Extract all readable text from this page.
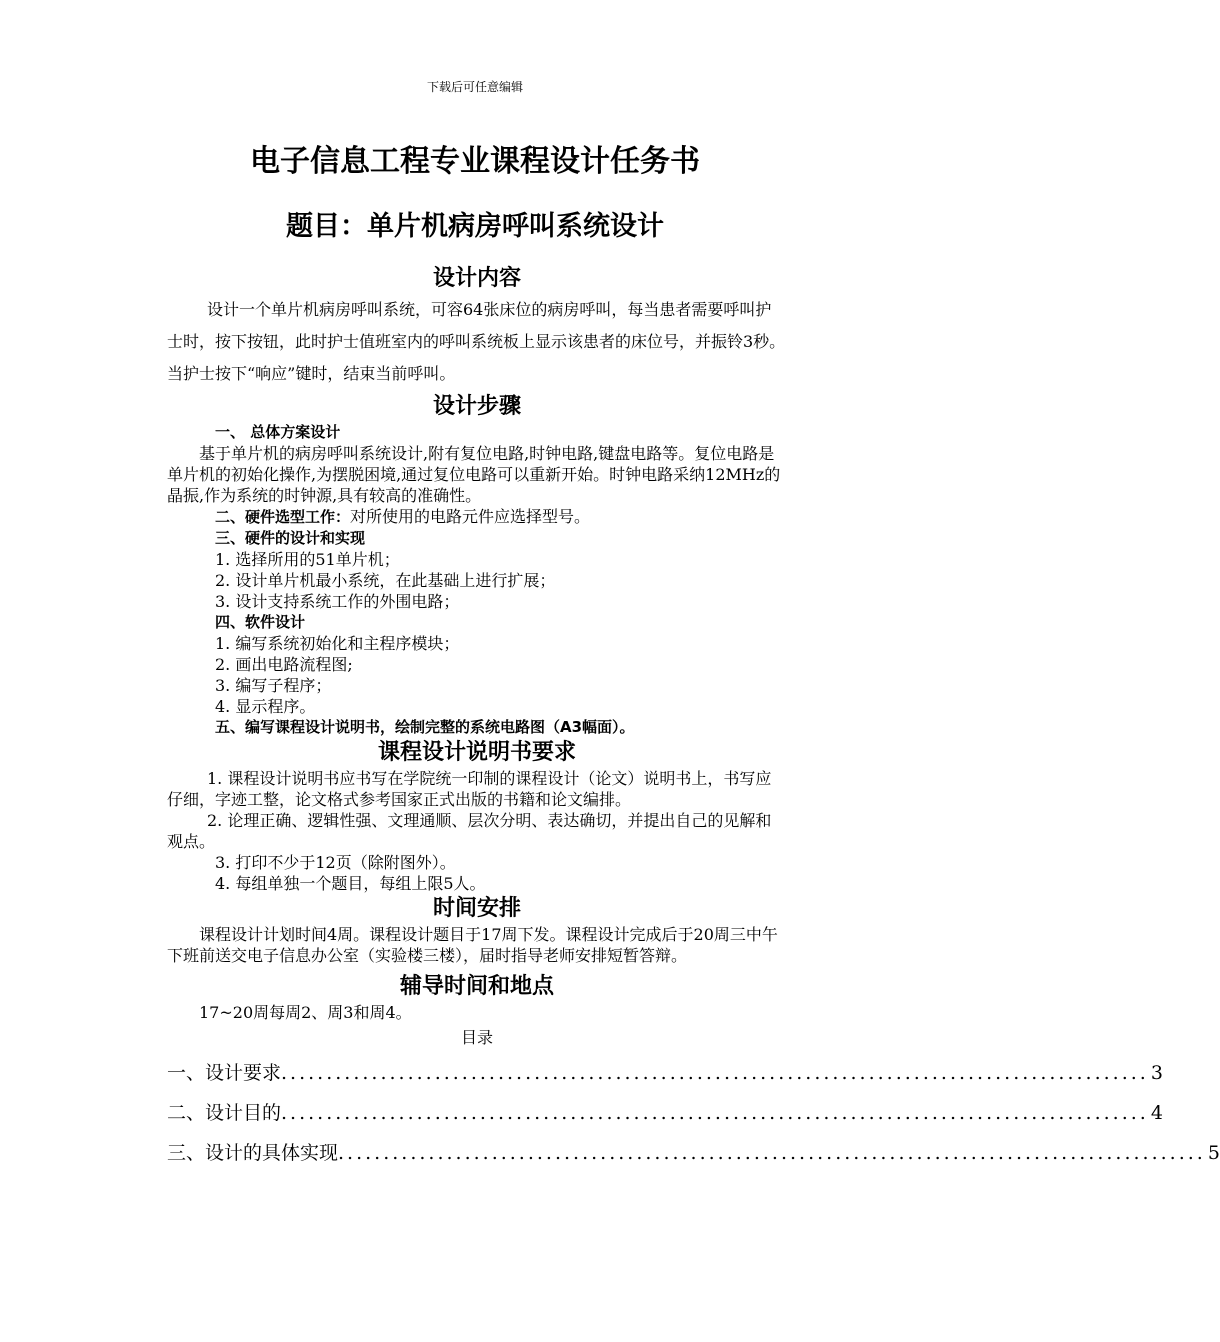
下载后可任意编辑
电子信息工程专业课程设计任务书
题目：单片机病房呼叫系统设计

设计内容

设计一个单片机病房呼叫系统，可容64张床位的病房呼叫，每当患者需要呼叫护士时，按下按钮，此时护士值班室内的呼叫系统板上显示该患者的床位号，并振铃3秒。当护士按下“响应”键时，结束当前呼叫。

设计步骤

一、 总体方案设计

基于单片机的病房呼叫系统设计,附有复位电路,时钟电路,键盘电路等。复位电路是单片机的初始化操作,为摆脱困境,通过复位电路可以重新开始。时钟电路采纳12MHz的晶振,作为系统的时钟源,具有较高的准确性。

二、硬件选型工作：对所使用的电路元件应选择型号。

三、硬件的设计和实现

1. 选择所用的51单片机；

2. 设计单片机最小系统，在此基础上进行扩展；

3. 设计支持系统工作的外围电路；

四、软件设计

1. 编写系统初始化和主程序模块；

2. 画出电路流程图;

3. 编写子程序；

4. 显示程序。

五、编写课程设计说明书，绘制完整的系统电路图（A3幅面）。

课程设计说明书要求

1. 课程设计说明书应书写在学院统一印制的课程设计（论文）说明书上，书写应仔细，字迹工整，论文格式参考国家正式出版的书籍和论文编排。

2. 论理正确、逻辑性强、文理通顺、层次分明、表达确切，并提出自己的见解和观点。

3. 打印不少于12页（除附图外）。

4. 每组单独一个题目，每组上限5人。

时间安排

课程设计计划时间4周。课程设计题目于17周下发。课程设计完成后于20周三中午下班前送交电子信息办公室（实验楼三楼），届时指导老师安排短暂答辩。

辅导时间和地点

17~20周每周2、周3和周4。

目录

一、设计要求 ................................................................................................ 3
二、设计目的 ................................................................................................ 4
三、设计的具体实现 ................................................................................................ 5
